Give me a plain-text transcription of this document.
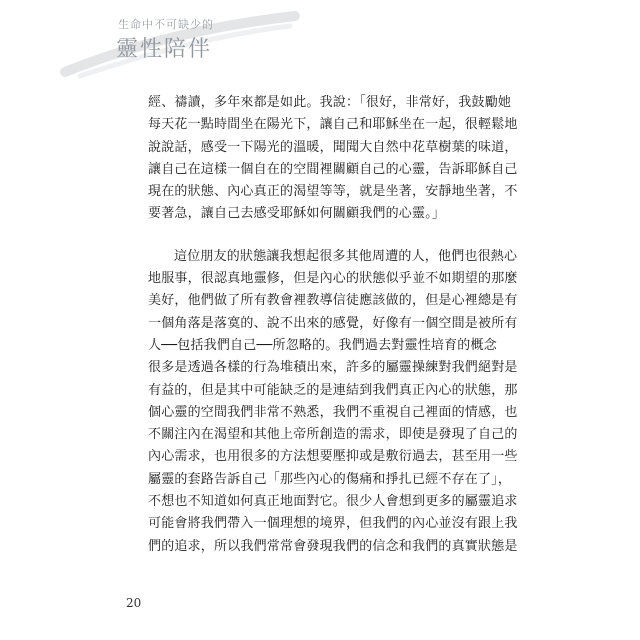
生命中不可缺少的
靈性陪伴
經、禱讀，多年來都是如此。我說：「很好，非常好，我鼓勵她
每天花一點時間坐在陽光下，讓自己和耶穌坐在一起，很輕鬆地
說說話，感受一下陽光的溫暖，聞聞大自然中花草樹葉的味道，
讓自己在這樣一個自在的空間裡關顧自己的心靈，告訴耶穌自己
現在的狀態、內心真正的渴望等等，就是坐著，安靜地坐著，不
要著急，讓自己去感受耶穌如何關顧我們的心靈。」
這位朋友的狀態讓我想起很多其他周遭的人，他們也很熱心
地服事，很認真地靈修，但是內心的狀態似乎並不如期望的那麼
美好，他們做了所有教會裡教導信徒應該做的，但是心裡總是有
一個角落是落寞的、說不出來的感覺，好像有一個空間是被所有
人──包括我們自己──所忽略的。我們過去對靈性培育的概念
很多是透過各樣的行為堆積出來，許多的屬靈操練對我們絕對是
有益的，但是其中可能缺乏的是連結到我們真正內心的狀態，那
個心靈的空間我們非常不熟悉，我們不重視自己裡面的情感，也
不關注內在渴望和其他上帝所創造的需求，即使是發現了自己的
內心需求，也用很多的方法想要壓抑或是敷衍過去，甚至用一些
屬靈的套路告訴自己「那些內心的傷痛和掙扎已經不存在了」，
不想也不知道如何真正地面對它。很少人會想到更多的屬靈追求
可能會將我們帶入一個理想的境界，但我們的內心並沒有跟上我
們的追求，所以我們常常會發現我們的信念和我們的真實狀態是
20
